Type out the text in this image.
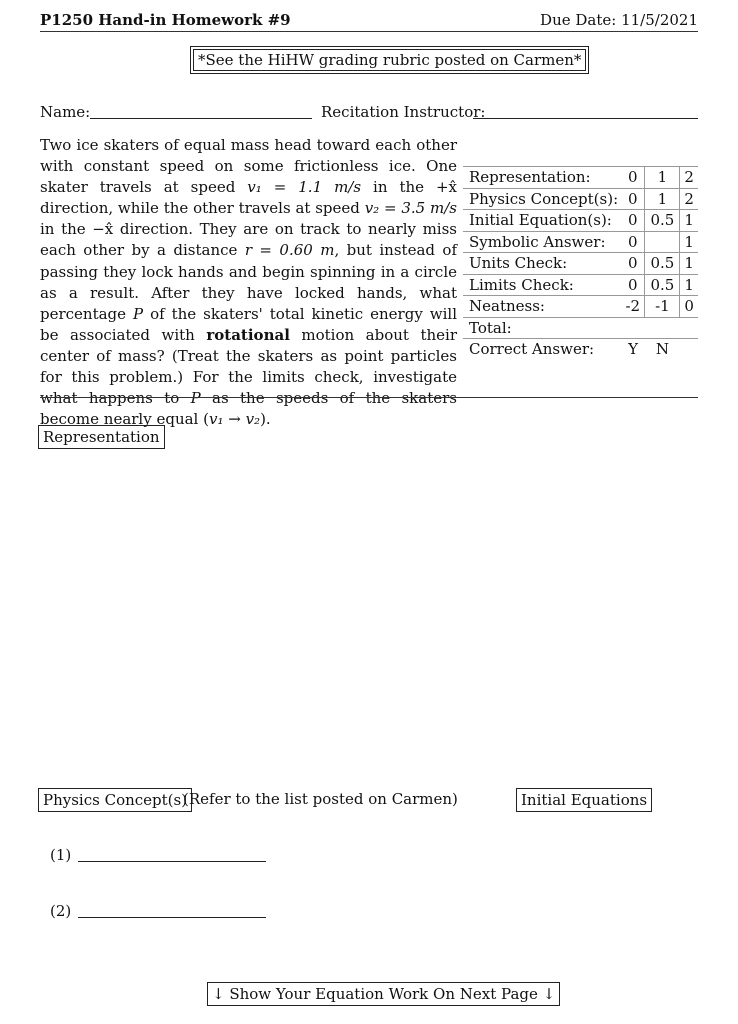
P1250 Hand-in Homework #9	Due Date: 11/5/2021
*See the HiHW grading rubric posted on Carmen*
Name:	Recitation Instructor:
Two ice skaters of equal mass head toward each other with constant speed on some frictionless ice. One skater travels at speed v₁ = 1.1 m/s in the +x̂ direction, while the other travels at speed v₂ = 3.5 m/s in the −x̂ direction. They are on track to nearly miss each other by a distance r = 0.60 m, but instead of passing they lock hands and begin spinning in a circle as a result. After they have locked hands, what percentage P of the skaters' total kinetic energy will be associated with rotational motion about their center of mass? (Treat the skaters as point particles for this problem.) For the limits check, investigate what happens to P as the speeds of the skaters become nearly equal (v₁ → v₂).
Representation:	0	1	2
Physics Concept(s):	0	1	2
Initial Equation(s):	0	0.5	1
Symbolic Answer:	0		1
Units Check:	0	0.5	1
Limits Check:	0	0.5	1
Neatness:	-2	-1	0
Total:			
Correct Answer:	Y	N	
Representation
Physics Concept(s)
(Refer to the list posted on Carmen)	Initial Equations
(1)
(2)
↓ Show Your Equation Work On Next Page ↓
